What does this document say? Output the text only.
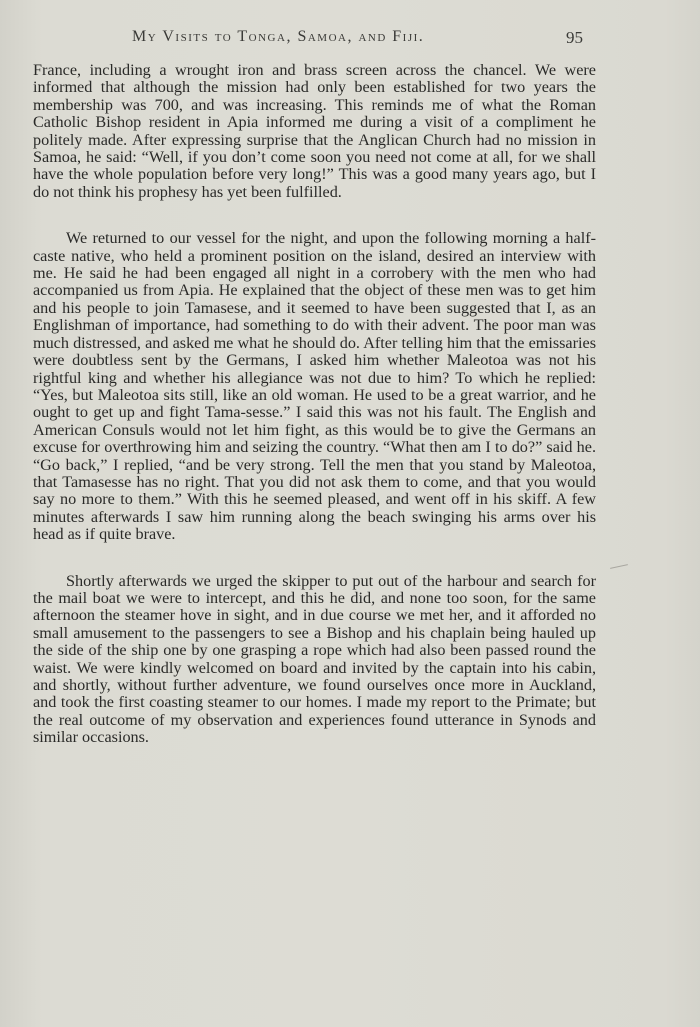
My Visits to Tonga, Samoa, and Fiji.	95

France, including a wrought iron and brass screen across the chancel. We were informed that although the mission had only been established for two years the membership was 700, and was increasing. This reminds me of what the Roman Catholic Bishop resident in Apia informed me during a visit of a compliment he politely made. After expressing surprise that the Anglican Church had no mission in Samoa, he said: “Well, if you don’t come soon you need not come at all, for we shall have the whole population before very long!” This was a good many years ago, but I do not think his prophesy has yet been fulfilled.

We returned to our vessel for the night, and upon the following morning a half-caste native, who held a prominent position on the island, desired an interview with me. He said he had been engaged all night in a corrobery with the men who had accompanied us from Apia. He explained that the object of these men was to get him and his people to join Tamasese, and it seemed to have been suggested that I, as an Englishman of importance, had something to do with their advent. The poor man was much distressed, and asked me what he should do. After telling him that the emissaries were doubtless sent by the Germans, I asked him whether Maleotoa was not his rightful king and whether his allegiance was not due to him? To which he replied: “Yes, but Maleotoa sits still, like an old woman. He used to be a great warrior, and he ought to get up and fight Tama-sesse.” I said this was not his fault. The English and American Consuls would not let him fight, as this would be to give the Germans an excuse for overthrowing him and seizing the country. “What then am I to do?” said he. “Go back,” I replied, “and be very strong. Tell the men that you stand by Maleotoa, that Tamasesse has no right. That you did not ask them to come, and that you would say no more to them.” With this he seemed pleased, and went off in his skiff. A few minutes afterwards I saw him running along the beach swinging his arms over his head as if quite brave.

Shortly afterwards we urged the skipper to put out of the harbour and search for the mail boat we were to intercept, and this he did, and none too soon, for the same afternoon the steamer hove in sight, and in due course we met her, and it afforded no small amusement to the passengers to see a Bishop and his chaplain being hauled up the side of the ship one by one grasping a rope which had also been passed round the waist. We were kindly welcomed on board and invited by the captain into his cabin, and shortly, without further adventure, we found ourselves once more in Auckland, and took the first coasting steamer to our homes. I made my report to the Primate; but the real outcome of my observation and experiences found utterance in Synods and similar occasions.
